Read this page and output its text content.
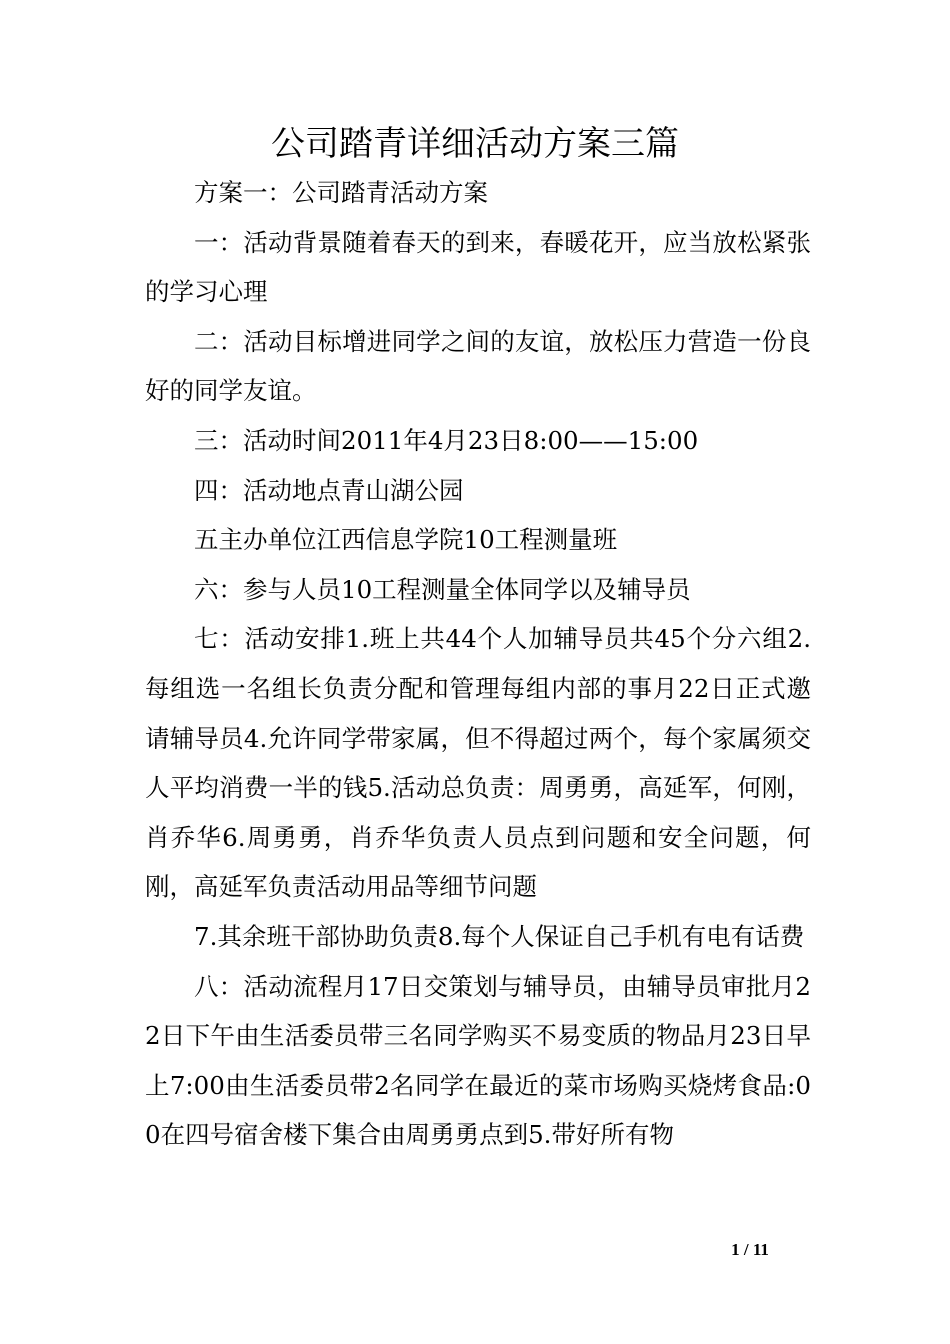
公司踏青详细活动方案三篇

方案一：公司踏青活动方案

一：活动背景随着春天的到来，春暖花开，应当放松紧张的学习心理

二：活动目标增进同学之间的友谊，放松压力营造一份良好的同学友谊。

三：活动时间2011年4月23日8:00——15:00

四：活动地点青山湖公园

五主办单位江西信息学院10工程测量班

六：参与人员10工程测量全体同学以及辅导员

七：活动安排1.班上共44个人加辅导员共45个分六组2.每组选一名组长负责分配和管理每组内部的事月22日正式邀请辅导员4.允许同学带家属，但不得超过两个，每个家属须交人平均消费一半的钱5.活动总负责：周勇勇，高延军，何刚，肖乔华6.周勇勇，肖乔华负责人员点到问题和安全问题，何刚，高延军负责活动用品等细节问题

7.其余班干部协助负责8.每个人保证自己手机有电有话费

八：活动流程月17日交策划与辅导员，由辅导员审批月22日下午由生活委员带三名同学购买不易变质的物品月23日早上7:00由生活委员带2名同学在最近的菜市场购买烧烤食品:00在四号宿舍楼下集合由周勇勇点到5.带好所有物

1 / 11
